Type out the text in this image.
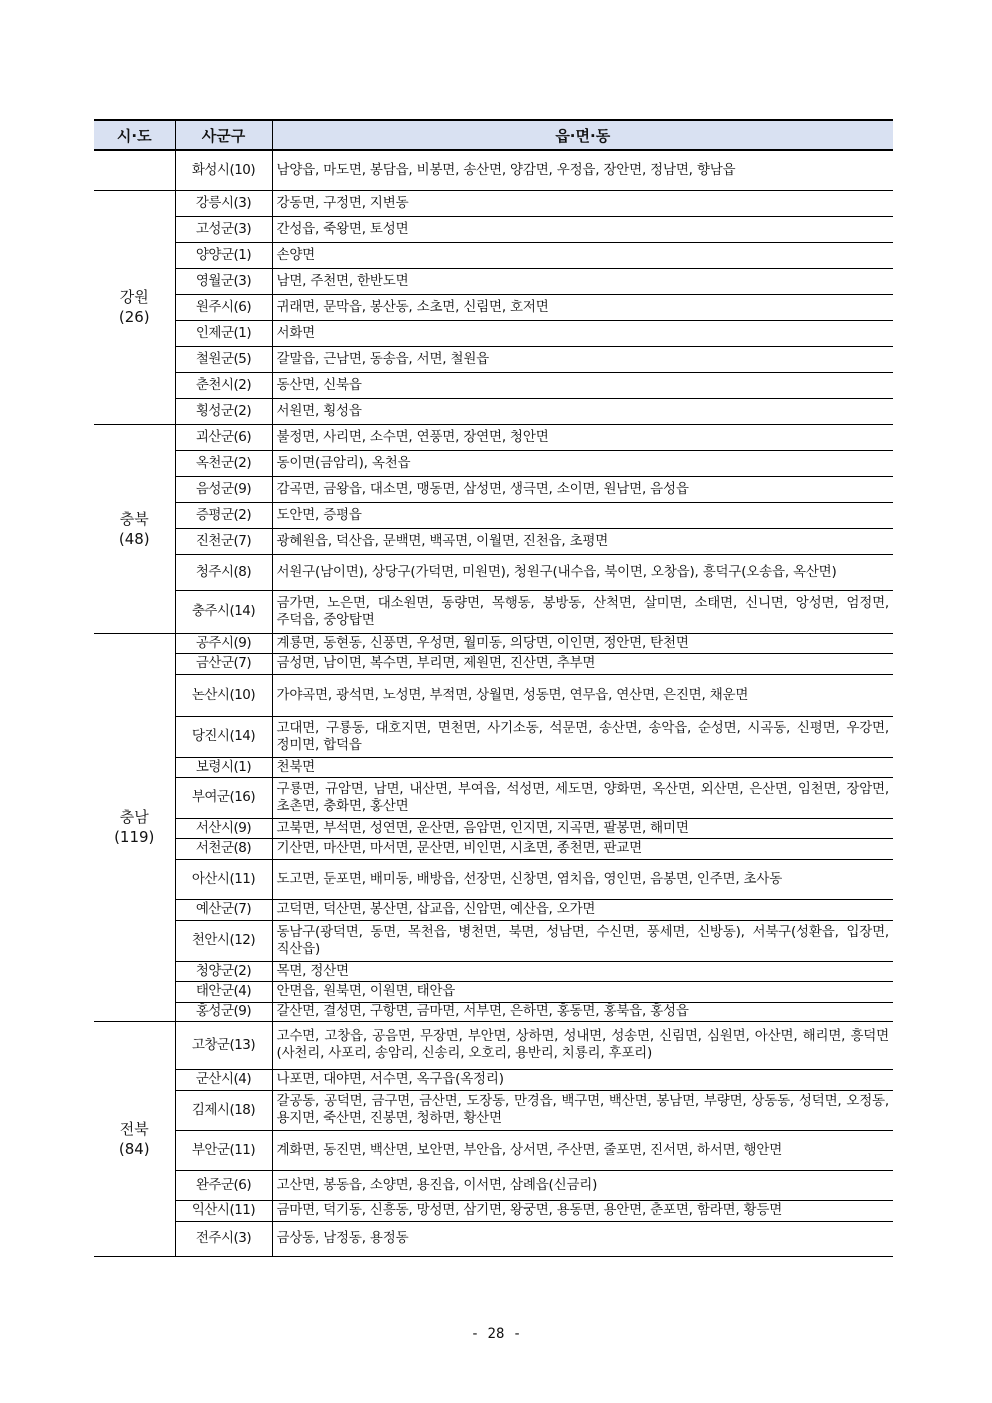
시·도	사군구	읍·면·동

	화성시(10)	남양읍, 마도면, 봉담읍, 비봉면, 송산면, 양감면, 우정읍, 장안면, 정남면, 향남읍

강원
(26)	강릉시(3)	강동면, 구정면, 지변동
	고성군(3)	간성읍, 죽왕면, 토성면
	양양군(1)	손양면
	영월군(3)	남면, 주천면, 한반도면
	원주시(6)	귀래면, 문막읍, 봉산동, 소초면, 신림면, 호저면
	인제군(1)	서화면
	철원군(5)	갈말읍, 근남면, 동송읍, 서면, 철원읍
	춘천시(2)	동산면, 신북읍
	횡성군(2)	서원면, 횡성읍

충북
(48)	괴산군(6)	불정면, 사리면, 소수면, 연풍면, 장연면, 청안면
	옥천군(2)	동이면(금암리), 옥천읍
	음성군(9)	감곡면, 금왕읍, 대소면, 맹동면, 삼성면, 생극면, 소이면, 원남면, 음성읍
	증평군(2)	도안면, 증평읍
	진천군(7)	광혜원읍, 덕산읍, 문백면, 백곡면, 이월면, 진천읍, 초평면
	청주시(8)	서원구(남이면), 상당구(가덕면, 미원면), 청원구(내수읍, 북이면, 오창읍), 흥덕구(오송읍, 옥산면)
	충주시(14)	금가면, 노은면, 대소원면, 동량면, 목행동, 봉방동, 산척면, 살미면, 소태면, 신니면, 앙성면, 엄정면, 주덕읍, 중앙탑면

충남
(119)	공주시(9)	계룡면, 동현동, 신풍면, 우성면, 월미동, 의당면, 이인면, 정안면, 탄천면
	금산군(7)	금성면, 남이면, 복수면, 부리면, 제원면, 진산면, 추부면
	논산시(10)	가야곡면, 광석면, 노성면, 부적면, 상월면, 성동면, 연무읍, 연산면, 은진면, 채운면
	당진시(14)	고대면, 구룡동, 대호지면, 면천면, 사기소동, 석문면, 송산면, 송악읍, 순성면, 시곡동, 신평면, 우강면, 정미면, 합덕읍
	보령시(1)	천북면
	부여군(16)	구룡면, 규암면, 남면, 내산면, 부여읍, 석성면, 세도면, 양화면, 옥산면, 외산면, 은산면, 임천면, 장암면, 초촌면, 충화면, 홍산면
	서산시(9)	고북면, 부석면, 성연면, 운산면, 음암면, 인지면, 지곡면, 팔봉면, 해미면
	서천군(8)	기산면, 마산면, 마서면, 문산면, 비인면, 시초면, 종천면, 판교면
	아산시(11)	도고면, 둔포면, 배미동, 배방읍, 선장면, 신창면, 염치읍, 영인면, 음봉면, 인주면, 초사동
	예산군(7)	고덕면, 덕산면, 봉산면, 삽교읍, 신암면, 예산읍, 오가면
	천안시(12)	동남구(광덕면, 동면, 목천읍, 병천면, 북면, 성남면, 수신면, 풍세면, 신방동), 서북구(성환읍, 입장면, 직산읍)
	청양군(2)	목면, 정산면
	태안군(4)	안면읍, 원북면, 이원면, 태안읍
	홍성군(9)	갈산면, 결성면, 구항면, 금마면, 서부면, 은하면, 홍동면, 홍북읍, 홍성읍

전북
(84)	고창군(13)	고수면, 고창읍, 공음면, 무장면, 부안면, 상하면, 성내면, 성송면, 신림면, 심원면, 아산면, 해리면, 흥덕면(사천리, 사포리, 송암리, 신송리, 오호리, 용반리, 치룡리, 후포리)
	군산시(4)	나포면, 대야면, 서수면, 옥구읍(옥정리)
	김제시(18)	갈공동, 공덕면, 금구면, 금산면, 도장동, 만경읍, 백구면, 백산면, 봉남면, 부량면, 상동동, 성덕면, 오정동, 용지면, 죽산면, 진봉면, 청하면, 황산면
	부안군(11)	계화면, 동진면, 백산면, 보안면, 부안읍, 상서면, 주산면, 줄포면, 진서면, 하서면, 행안면
	완주군(6)	고산면, 봉동읍, 소양면, 용진읍, 이서면, 삼례읍(신금리)
	익산시(11)	금마면, 덕기동, 신흥동, 망성면, 삼기면, 왕궁면, 용동면, 용안면, 춘포면, 함라면, 황등면
	전주시(3)	금상동, 남정동, 용정동
- 28 -
